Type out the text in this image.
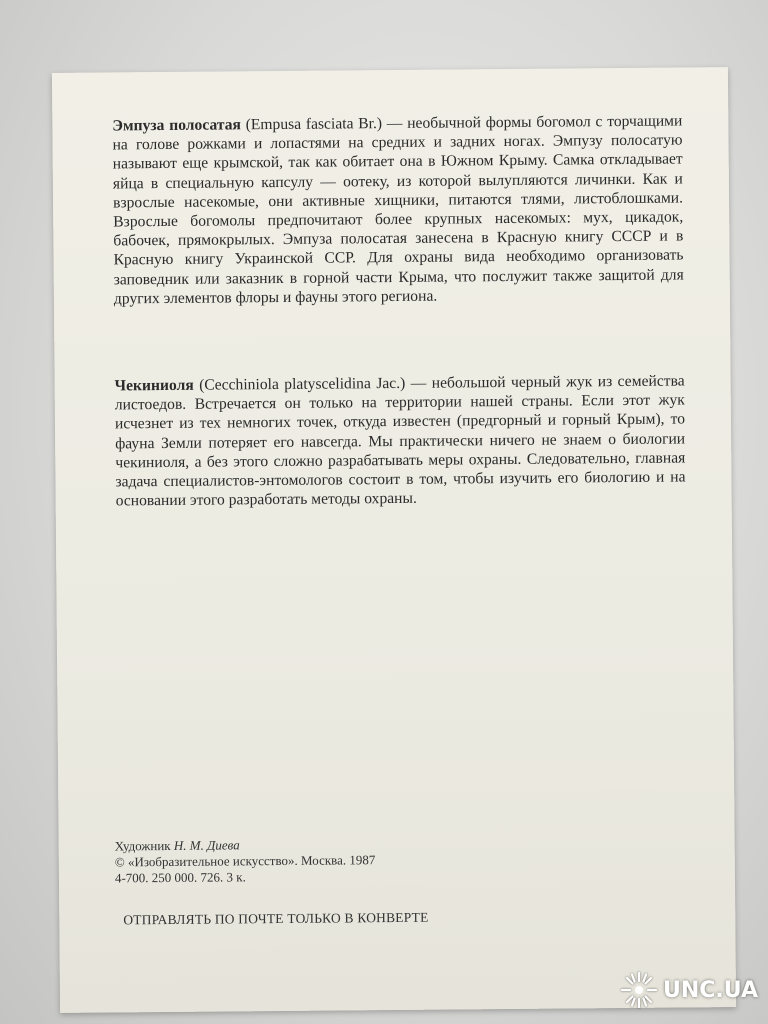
Эмпуза полосатая (Empusa fasciata Br.) — необычной формы богомол с торчащими на голове рожками и лопастями на средних и задних ногах. Эмпузу полосатую называют еще крымской, так как обитает она в Южном Крыму. Самка откладывает яйца в специальную капсулу — оотеку, из которой вылупляются личинки. Как и взрослые насекомые, они активные хищники, питаются тлями, листоблошками. Взрослые богомолы предпочитают более крупных насекомых: мух, цикадок, бабочек, прямокрылых. Эмпуза полосатая занесена в Красную книгу СССР и в Красную книгу Украинской ССР. Для охраны вида необходимо организовать заповедник или заказник в горной части Крыма, что послужит также защитой для других элементов флоры и фауны этого региона.

Чекиниоля (Cecchiniola platyscelidina Jac.) — небольшой черный жук из семейства листоедов. Встречается он только на территории нашей страны. Если этот жук исчезнет из тех немногих точек, откуда известен (предгорный и горный Крым), то фауна Земли потеряет его навсегда. Мы практически ничего не знаем о биологии чекиниоля, а без этого сложно разрабатывать меры охраны. Следовательно, главная задача специалистов-энтомологов состоит в том, чтобы изучить его биологию и на основании этого разработать методы охраны.

Художник Н. М. Диева
© «Изобразительное искусство». Москва. 1987
4-700. 250 000. 726. 3 к.
ОТПРАВЛЯТЬ ПО ПОЧТЕ ТОЛЬКО В КОНВЕРТЕ
UNC.UA
